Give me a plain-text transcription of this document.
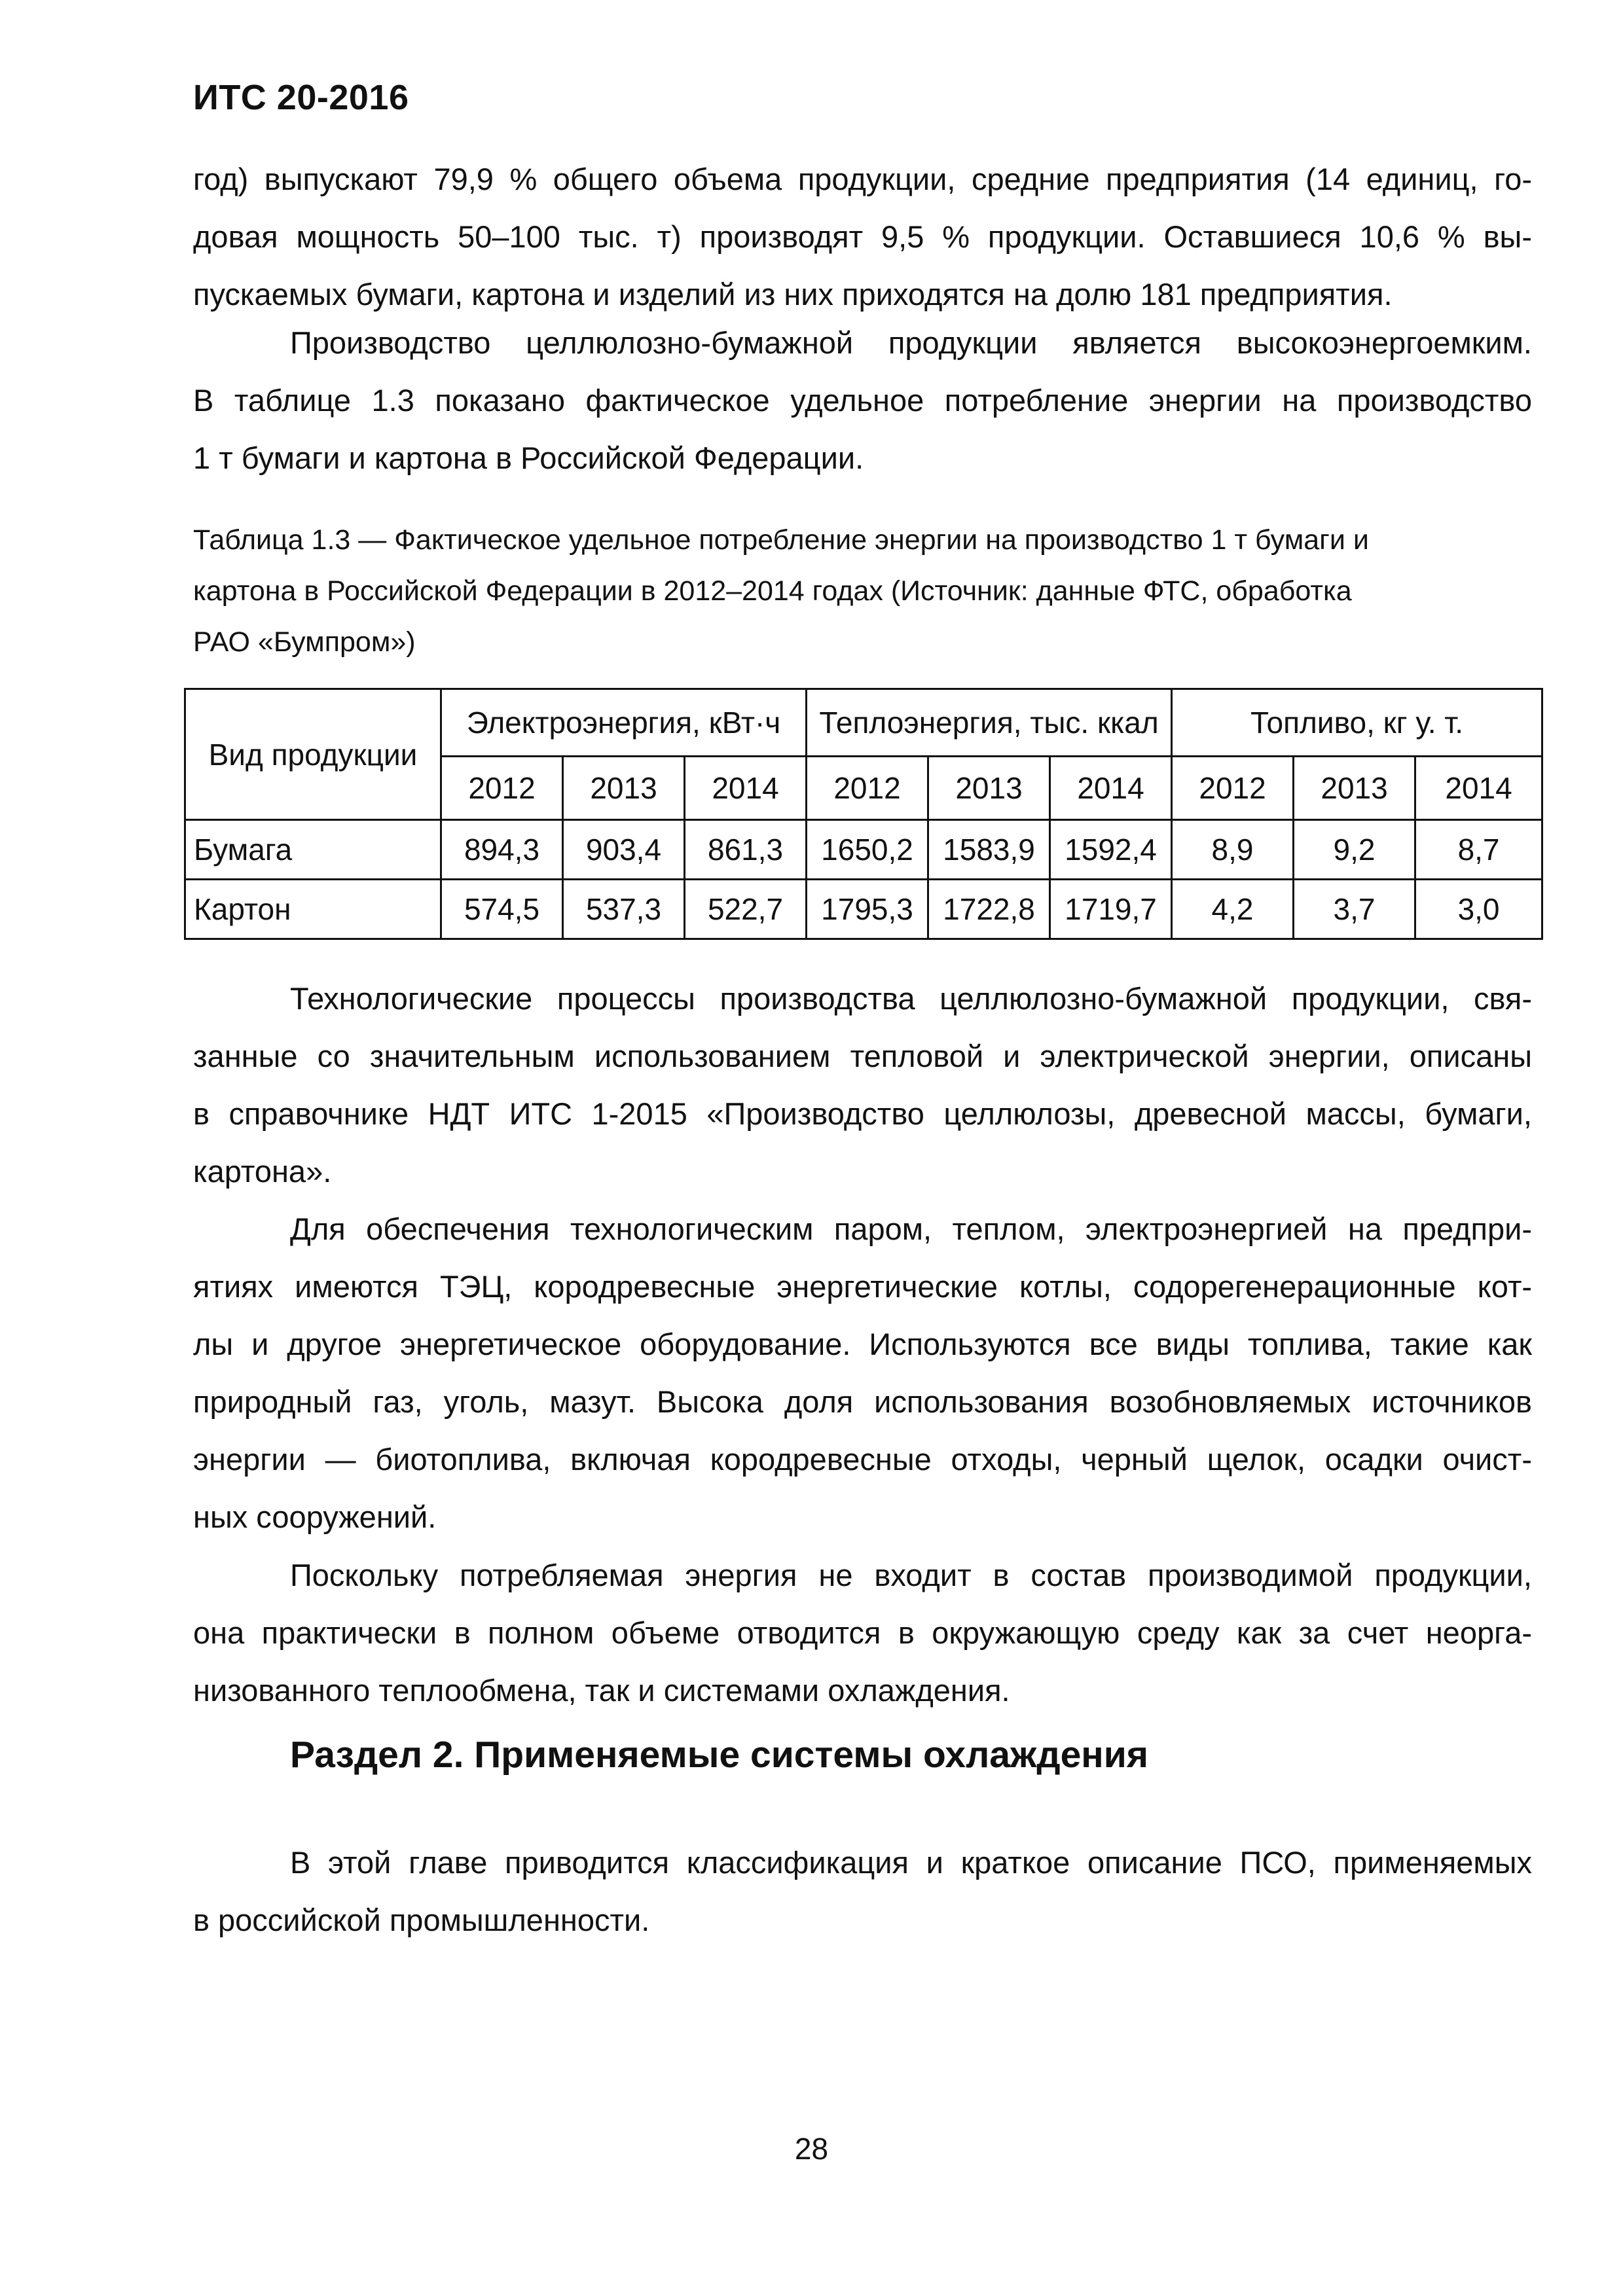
ИТС 20-2016
год) выпускают 79,9 % общего объема продукции, средние предприятия (14 единиц, го-
довая мощность 50–100 тыс. т) производят 9,5 % продукции. Оставшиеся 10,6 % вы-
пускаемых бумаги, картона и изделий из них приходятся на долю 181 предприятия.
Производство целлюлозно-бумажной продукции является высокоэнергоемким.
В таблице 1.3 показано фактическое удельное потребление энергии на производство
1 т бумаги и картона в Российской Федерации.
Таблица 1.3 — Фактическое удельное потребление энергии на производство 1 т бумаги и
картона в Российской Федерации в 2012–2014 годах (Источник: данные ФТС, обработка
РАО «Бумпром»)
Вид продукции	Электроэнергия, кВт·ч			Теплоэнергия, тыс. ккал			Топливо, кг у. т.		
	2012	2013	2014	2012	2013	2014	2012	2013	2014
Бумага	894,3	903,4	861,3	1650,2	1583,9	1592,4	8,9	9,2	8,7
Картон	574,5	537,3	522,7	1795,3	1722,8	1719,7	4,2	3,7	3,0
Технологические процессы производства целлюлозно-бумажной продукции, свя-
занные со значительным использованием тепловой и электрической энергии, описаны
в справочнике НДТ ИТС 1-2015 «Производство целлюлозы, древесной массы, бумаги,
картона».
Для обеспечения технологическим паром, теплом, электроэнергией на предпри-
ятиях имеются ТЭЦ, кородревесные энергетические котлы, содорегенерационные кот-
лы и другое энергетическое оборудование. Используются все виды топлива, такие как
природный газ, уголь, мазут. Высока доля использования возобновляемых источников
энергии — биотоплива, включая кородревесные отходы, черный щелок, осадки очист-
ных сооружений.
Поскольку потребляемая энергия не входит в состав производимой продукции,
она практически в полном объеме отводится в окружающую среду как за счет неорга-
низованного теплообмена, так и системами охлаждения.
Раздел 2. Применяемые системы охлаждения
В этой главе приводится классификация и краткое описание ПСО, применяемых
в российской промышленности.
28
